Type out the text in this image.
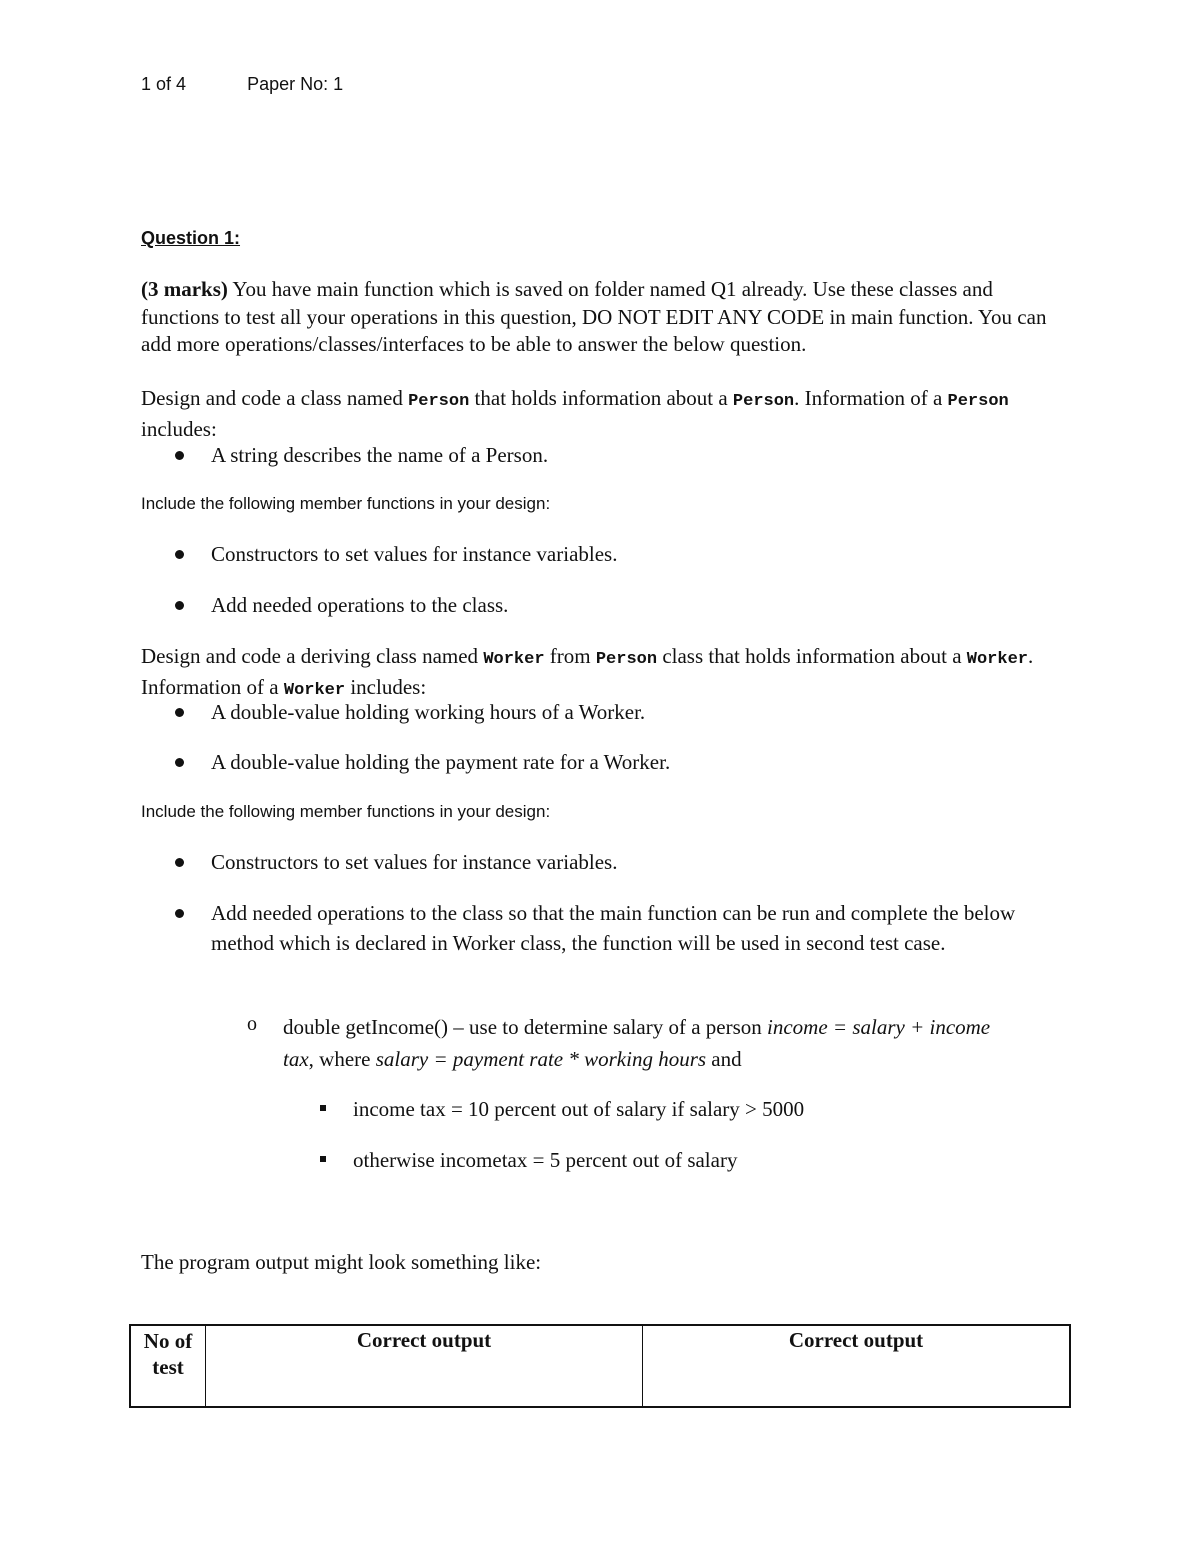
1 of 4	Paper No: 1
Question 1:
(3 marks) You have main function which is saved on folder named Q1 already. Use these classes and functions to test all your operations in this question, DO NOT EDIT ANY CODE in main function. You can add more operations/classes/interfaces to be able to answer the below question.
Design and code a class named Person that holds information about a Person. Information of a Person includes:
A string describes the name of a Person.
Include the following member functions in your design:
Constructors to set values for instance variables.
Add needed operations to the class.
Design and code a deriving class named Worker from Person class that holds information about a Worker. Information of a Worker includes:
A double-value holding working hours of a Worker.
A double-value holding the payment rate for a Worker.
Include the following member functions in your design:
Constructors to set values for instance variables.
Add needed operations to the class so that the main function can be run and complete the below method which is declared in Worker class, the function will be used in second test case.
o double getIncome() – use to determine salary of a person income = salary + income tax, where salary = payment rate * working hours and
income tax = 10 percent out of salary if salary > 5000
otherwise incometax = 5 percent out of salary
The program output might look something like:
No of test	Correct output	Correct output
